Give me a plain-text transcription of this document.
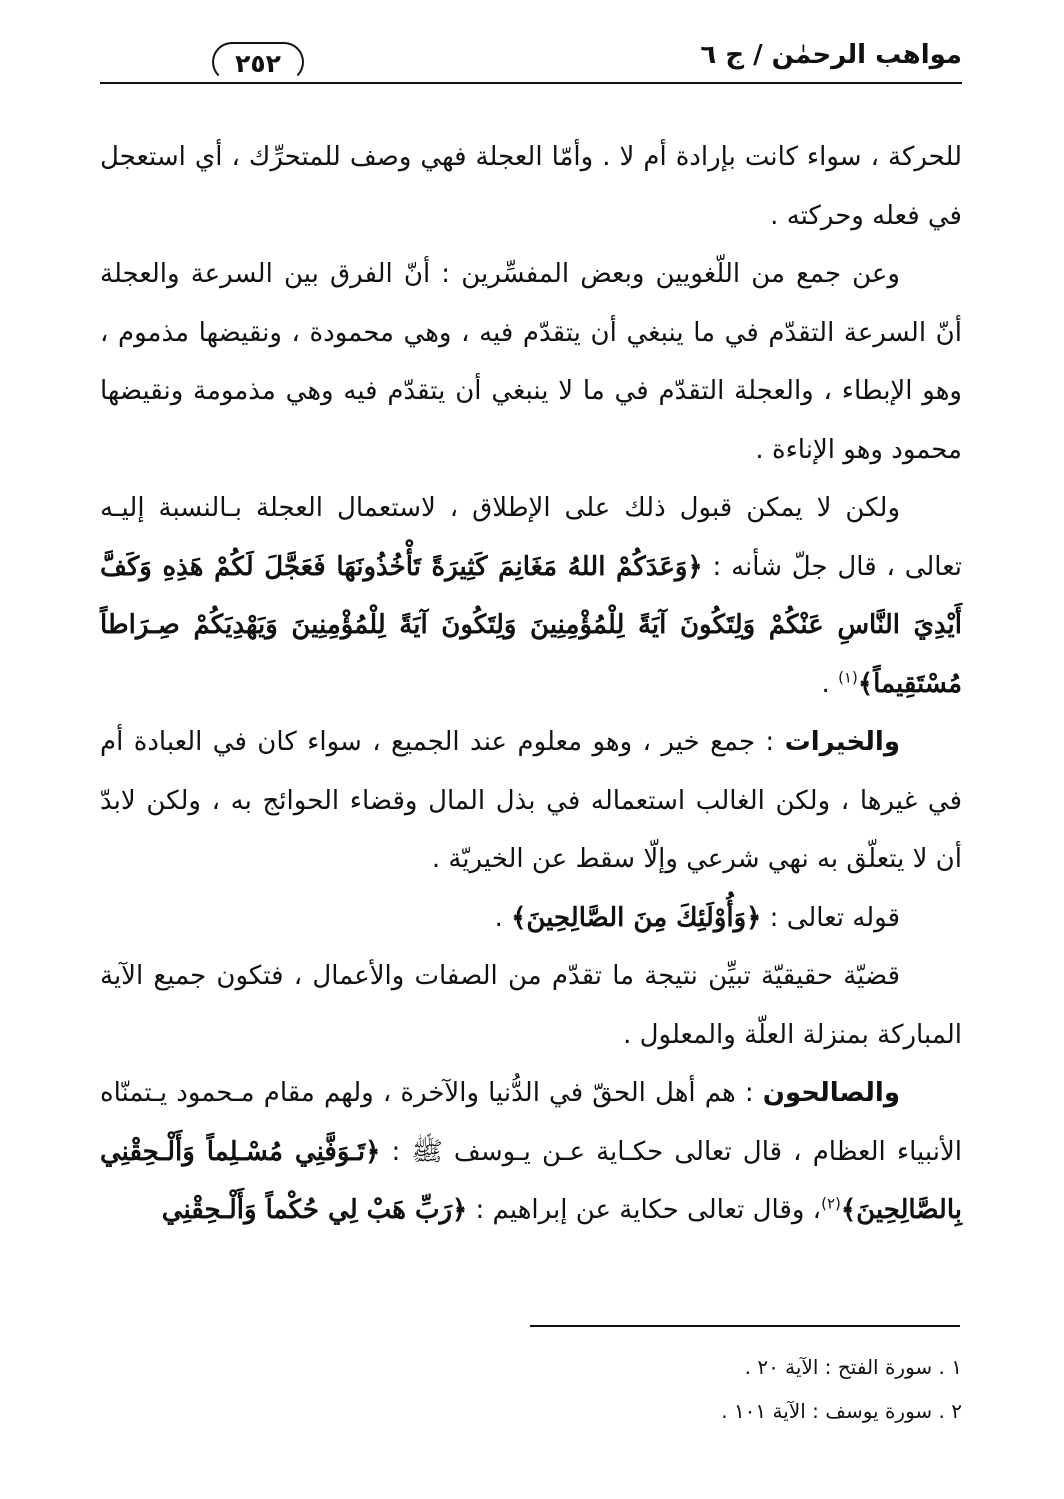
مواهب الرحمٰن / ج ٦
٢٥٢

للحركة ، سواء كانت بإرادة أم لا . وأمّا العجلة فهي وصف للمتحرِّك ، أي استعجل في فعله وحركته .

وعن جمع من اللّغويين وبعض المفسِّرين : أنّ الفرق بين السرعة والعجلة أنّ السرعة التقدّم في ما ينبغي أن يتقدّم فيه ، وهي محمودة ، ونقيضها مذموم ، وهو الإبطاء ، والعجلة التقدّم في ما لا ينبغي أن يتقدّم فيه وهي مذمومة ونقيضها محمود وهو الإناءة .

ولكن لا يمكن قبول ذلك على الإطلاق ، لاستعمال العجلة بـالنسبة إليـه تعالى ، قال جلّ شأنه : ﴿وَعَدَكُمْ اللهُ مَغَانِمَ كَثِيرَةً تَأْخُذُونَهَا فَعَجَّلَ لَكُمْ هَذِهِ وَكَفَّ أَيْدِيَ النَّاسِ عَنْكُمْ وَلِتَكُونَ آيَةً لِلْمُؤْمِنِينَ وَلِتَكُونَ آيَةً لِلْمُؤْمِنِينَ وَيَهْدِيَكُمْ صِـرَاطاً مُسْتَقِيماً﴾$^{(١)}$ .

والخيرات : جمع خير ، وهو معلوم عند الجميع ، سواء كان في العبادة أم في غيرها ، ولكن الغالب استعماله في بذل المال وقضاء الحوائج به ، ولكن لابدّ أن لا يتعلّق به نهي شرعي وإلّا سقط عن الخيريّة .

قوله تعالى : ﴿وَأُوْلَئِكَ مِنَ الصَّالِحِينَ﴾ .

قضيّة حقيقيّة تبيِّن نتيجة ما تقدّم من الصفات والأعمال ، فتكون جميع الآية المباركة بمنزلة العلّة والمعلول .

والصالحون : هم أهل الحقّ في الدُّنيا والآخرة ، ولهم مقام مـحمود يـتمنّاه الأنبياء العظام ، قال تعالى حكـاية عـن يـوسف ﷺ : ﴿تَـوَفَّنِي مُسْـلِماً وَأَلْـحِقْنِي بِالصَّالِحِينَ﴾$^{(٢)}$، وقال تعالى حكاية عن إبراهيم : ﴿رَبِّ هَبْ لِي حُكْماً وَأَلْـحِقْنِي

١ . سورة الفتح : الآية ٢٠ .
٢ . سورة يوسف : الآية ١٠١ .
